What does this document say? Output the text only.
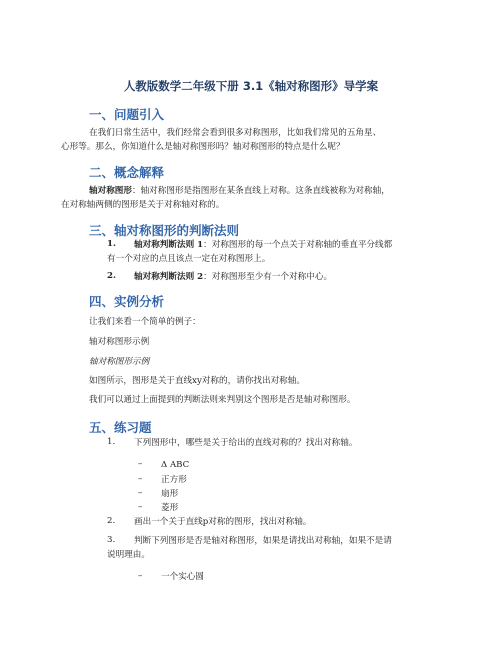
人教版数学二年级下册 3.1《轴对称图形》导学案
一、问题引入
在我们日常生活中，我们经常会看到很多对称图形，比如我们常见的五角星、
心形等。那么，你知道什么是轴对称图形吗？轴对称图形的特点是什么呢？
二、概念解释
轴对称图形：轴对称图形是指图形在某条直线上对称。这条直线被称为对称轴，
在对称轴两侧的图形是关于对称轴对称的。
三、轴对称图形的判断法则
1. 轴对称判断法则 1：对称图形的每一个点关于对称轴的垂直平分线都
有一个对应的点且该点一定在对称图形上。
2. 轴对称判断法则 2：对称图形至少有一个对称中心。
四、实例分析
让我们来看一个简单的例子：
轴对称图形示例
轴对称图形示例
如图所示，图形是关于直线xy对称的，请你找出对称轴。
我们可以通过上面提到的判断法则来判别这个图形是否是轴对称图形。
五、练习题
1. 下列图形中，哪些是关于给出的直线对称的？找出对称轴。
– Δ ABC
– 正方形
– 扇形
– 菱形
2. 画出一个关于直线p对称的图形，找出对称轴。
3. 判断下列图形是否是轴对称图形，如果是请找出对称轴，如果不是请
说明理由。
– 一个实心圆
